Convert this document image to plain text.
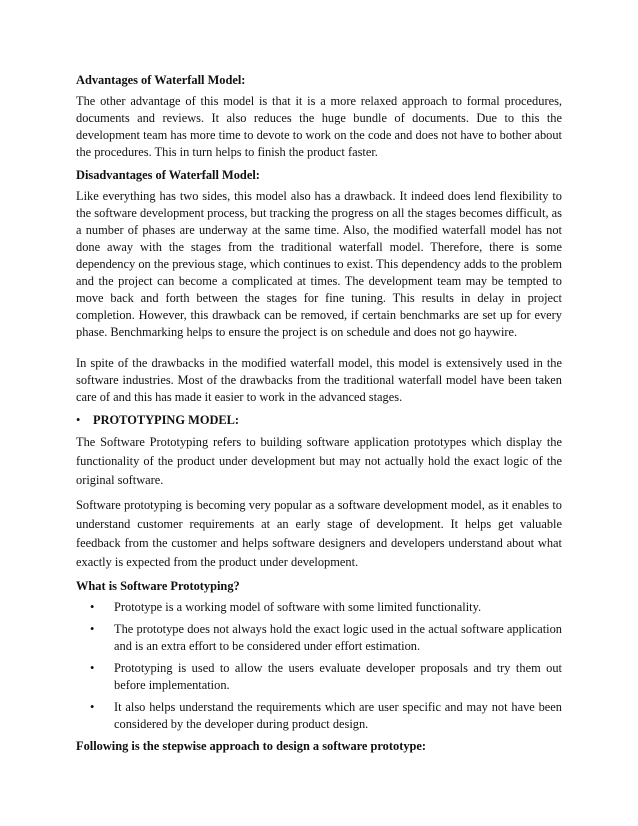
Advantages of Waterfall Model:
The other advantage of this model is that it is a more relaxed approach to formal procedures, documents and reviews. It also reduces the huge bundle of documents. Due to this the development team has more time to devote to work on the code and does not have to bother about the procedures. This in turn helps to finish the product faster.
Disadvantages of Waterfall Model:
Like everything has two sides, this model also has a drawback. It indeed does lend flexibility to the software development process, but tracking the progress on all the stages becomes difficult, as a number of phases are underway at the same time. Also, the modified waterfall model has not done away with the stages from the traditional waterfall model. Therefore, there is some dependency on the previous stage, which continues to exist. This dependency adds to the problem and the project can become a complicated at times. The development team may be tempted to move back and forth between the stages for fine tuning. This results in delay in project completion. However, this drawback can be removed, if certain benchmarks are set up for every phase. Benchmarking helps to ensure the project is on schedule and does not go haywire.
In spite of the drawbacks in the modified waterfall model, this model is extensively used in the software industries. Most of the drawbacks from the traditional waterfall model have been taken care of and this has made it easier to work in the advanced stages.
•	PROTOTYPING MODEL:
The Software Prototyping refers to building software application prototypes which display the functionality of the product under development but may not actually hold the exact logic of the original software.
Software prototyping is becoming very popular as a software development model, as it enables to understand customer requirements at an early stage of development. It helps get valuable feedback from the customer and helps software designers and developers understand about what exactly is expected from the product under development.
What is Software Prototyping?
•	Prototype is a working model of software with some limited functionality.
•	The prototype does not always hold the exact logic used in the actual software application and is an extra effort to be considered under effort estimation.
•	Prototyping is used to allow the users evaluate developer proposals and try them out before implementation.
•	It also helps understand the requirements which are user specific and may not have been considered by the developer during product design.
Following is the stepwise approach to design a software prototype:
